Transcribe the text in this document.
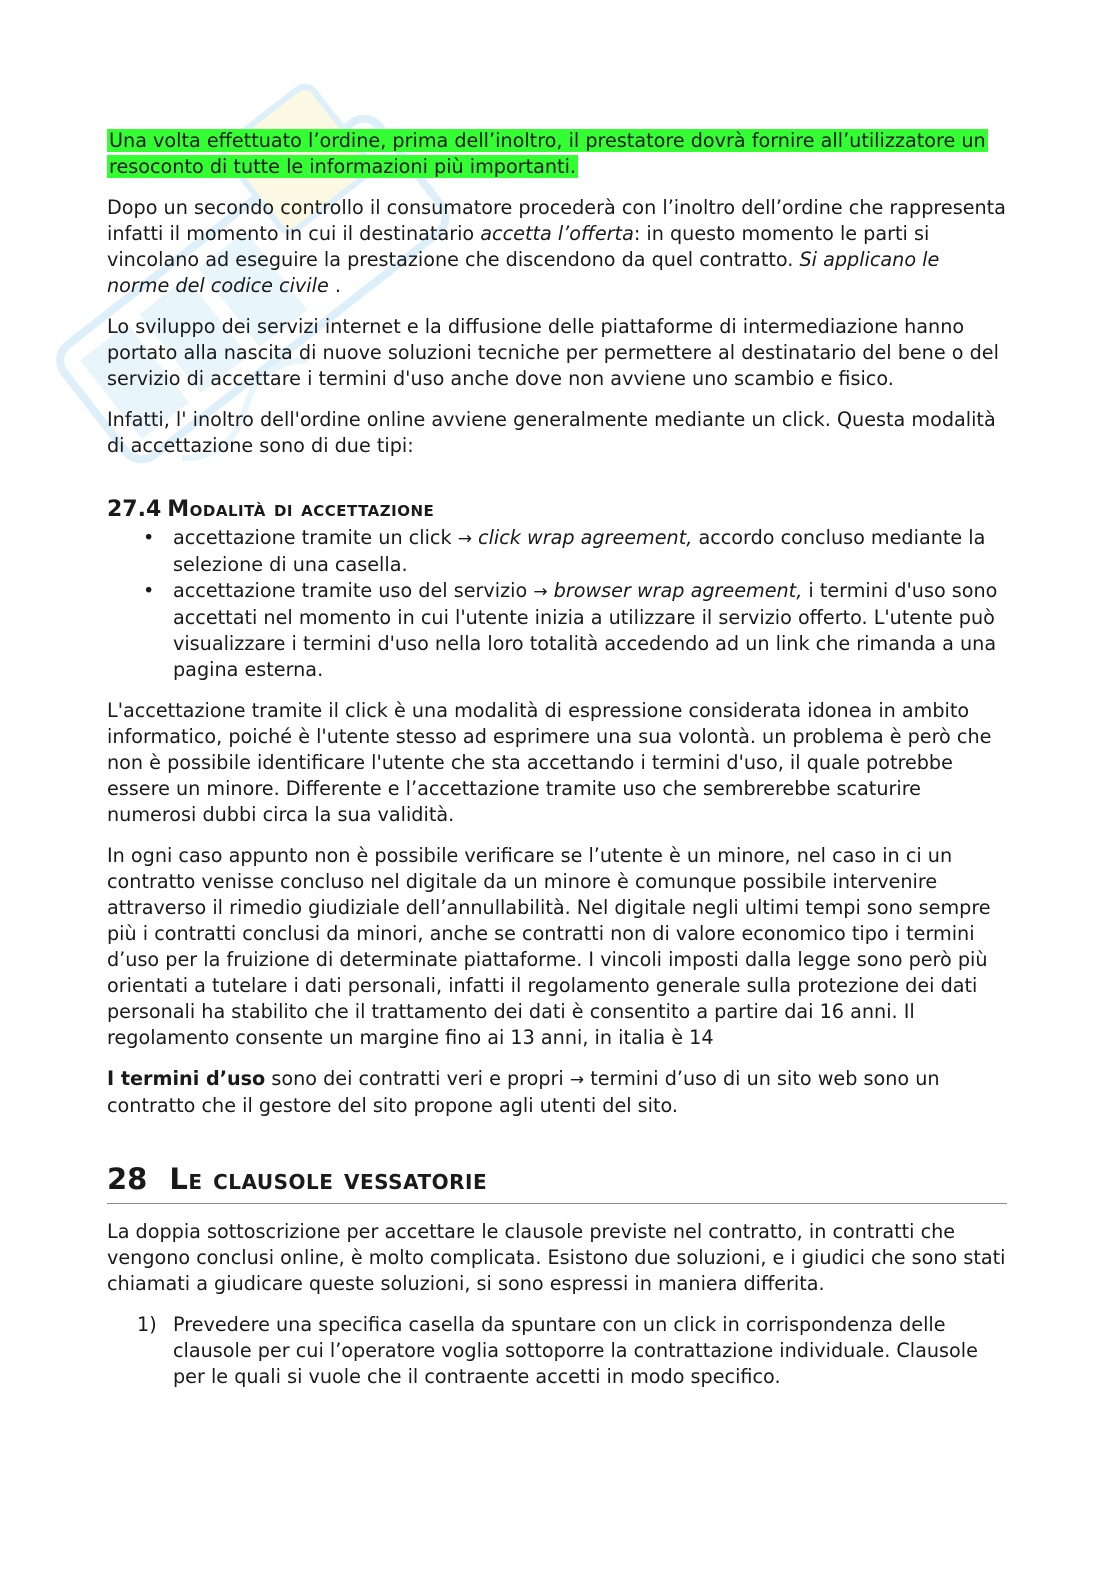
Una volta effettuato l’ordine, prima dell’inoltro, il prestatore dovrà fornire all’utilizzatore un resoconto di tutte le informazioni più importanti.

Dopo un secondo controllo il consumatore procederà con l’inoltro dell’ordine che rappresenta infatti il momento in cui il destinatario accetta l’offerta: in questo momento le parti si vincolano ad eseguire la prestazione che discendono da quel contratto. Si applicano le norme del codice civile .

Lo sviluppo dei servizi internet e la diffusione delle piattaforme di intermediazione hanno portato alla nascita di nuove soluzioni tecniche per permettere al destinatario del bene o del servizio di accettare i termini d'uso anche dove non avviene uno scambio e fisico.

Infatti, l' inoltro dell'ordine online avviene generalmente mediante un click. Questa modalità di accettazione sono di due tipi:

27.4 Modalità di accettazione
• accettazione tramite un click → click wrap agreement, accordo concluso mediante la selezione di una casella.
• accettazione tramite uso del servizio → browser wrap agreement, i termini d'uso sono accettati nel momento in cui l'utente inizia a utilizzare il servizio offerto. L'utente può visualizzare i termini d'uso nella loro totalità accedendo ad un link che rimanda a una pagina esterna.

L'accettazione tramite il click è una modalità di espressione considerata idonea in ambito informatico, poiché è l'utente stesso ad esprimere una sua volontà. un problema è però che non è possibile identificare l'utente che sta accettando i termini d'uso, il quale potrebbe essere un minore. Differente e l’accettazione tramite uso che sembrerebbe scaturire numerosi dubbi circa la sua validità.

In ogni caso appunto non è possibile verificare se l’utente è un minore, nel caso in ci un contratto venisse concluso nel digitale da un minore è comunque possibile intervenire attraverso il rimedio giudiziale dell’annullabilità. Nel digitale negli ultimi tempi sono sempre più i contratti conclusi da minori, anche se contratti non di valore economico tipo i termini d’uso per la fruizione di determinate piattaforme. I vincoli imposti dalla legge sono però più orientati a tutelare i dati personali, infatti il regolamento generale sulla protezione dei dati personali ha stabilito che il trattamento dei dati è consentito a partire dai 16 anni. Il regolamento consente un margine fino ai 13 anni, in italia è 14

I termini d’uso sono dei contratti veri e propri → termini d’uso di un sito web sono un contratto che il gestore del sito propone agli utenti del sito.

28 Le clausole vessatorie

La doppia sottoscrizione per accettare le clausole previste nel contratto, in contratti che vengono conclusi online, è molto complicata. Esistono due soluzioni, e i giudici che sono stati chiamati a giudicare queste soluzioni, si sono espressi in maniera differita.

1) Prevedere una specifica casella da spuntare con un click in corrispondenza delle clausole per cui l’operatore voglia sottoporre la contrattazione individuale. Clausole per le quali si vuole che il contraente accetti in modo specifico.
